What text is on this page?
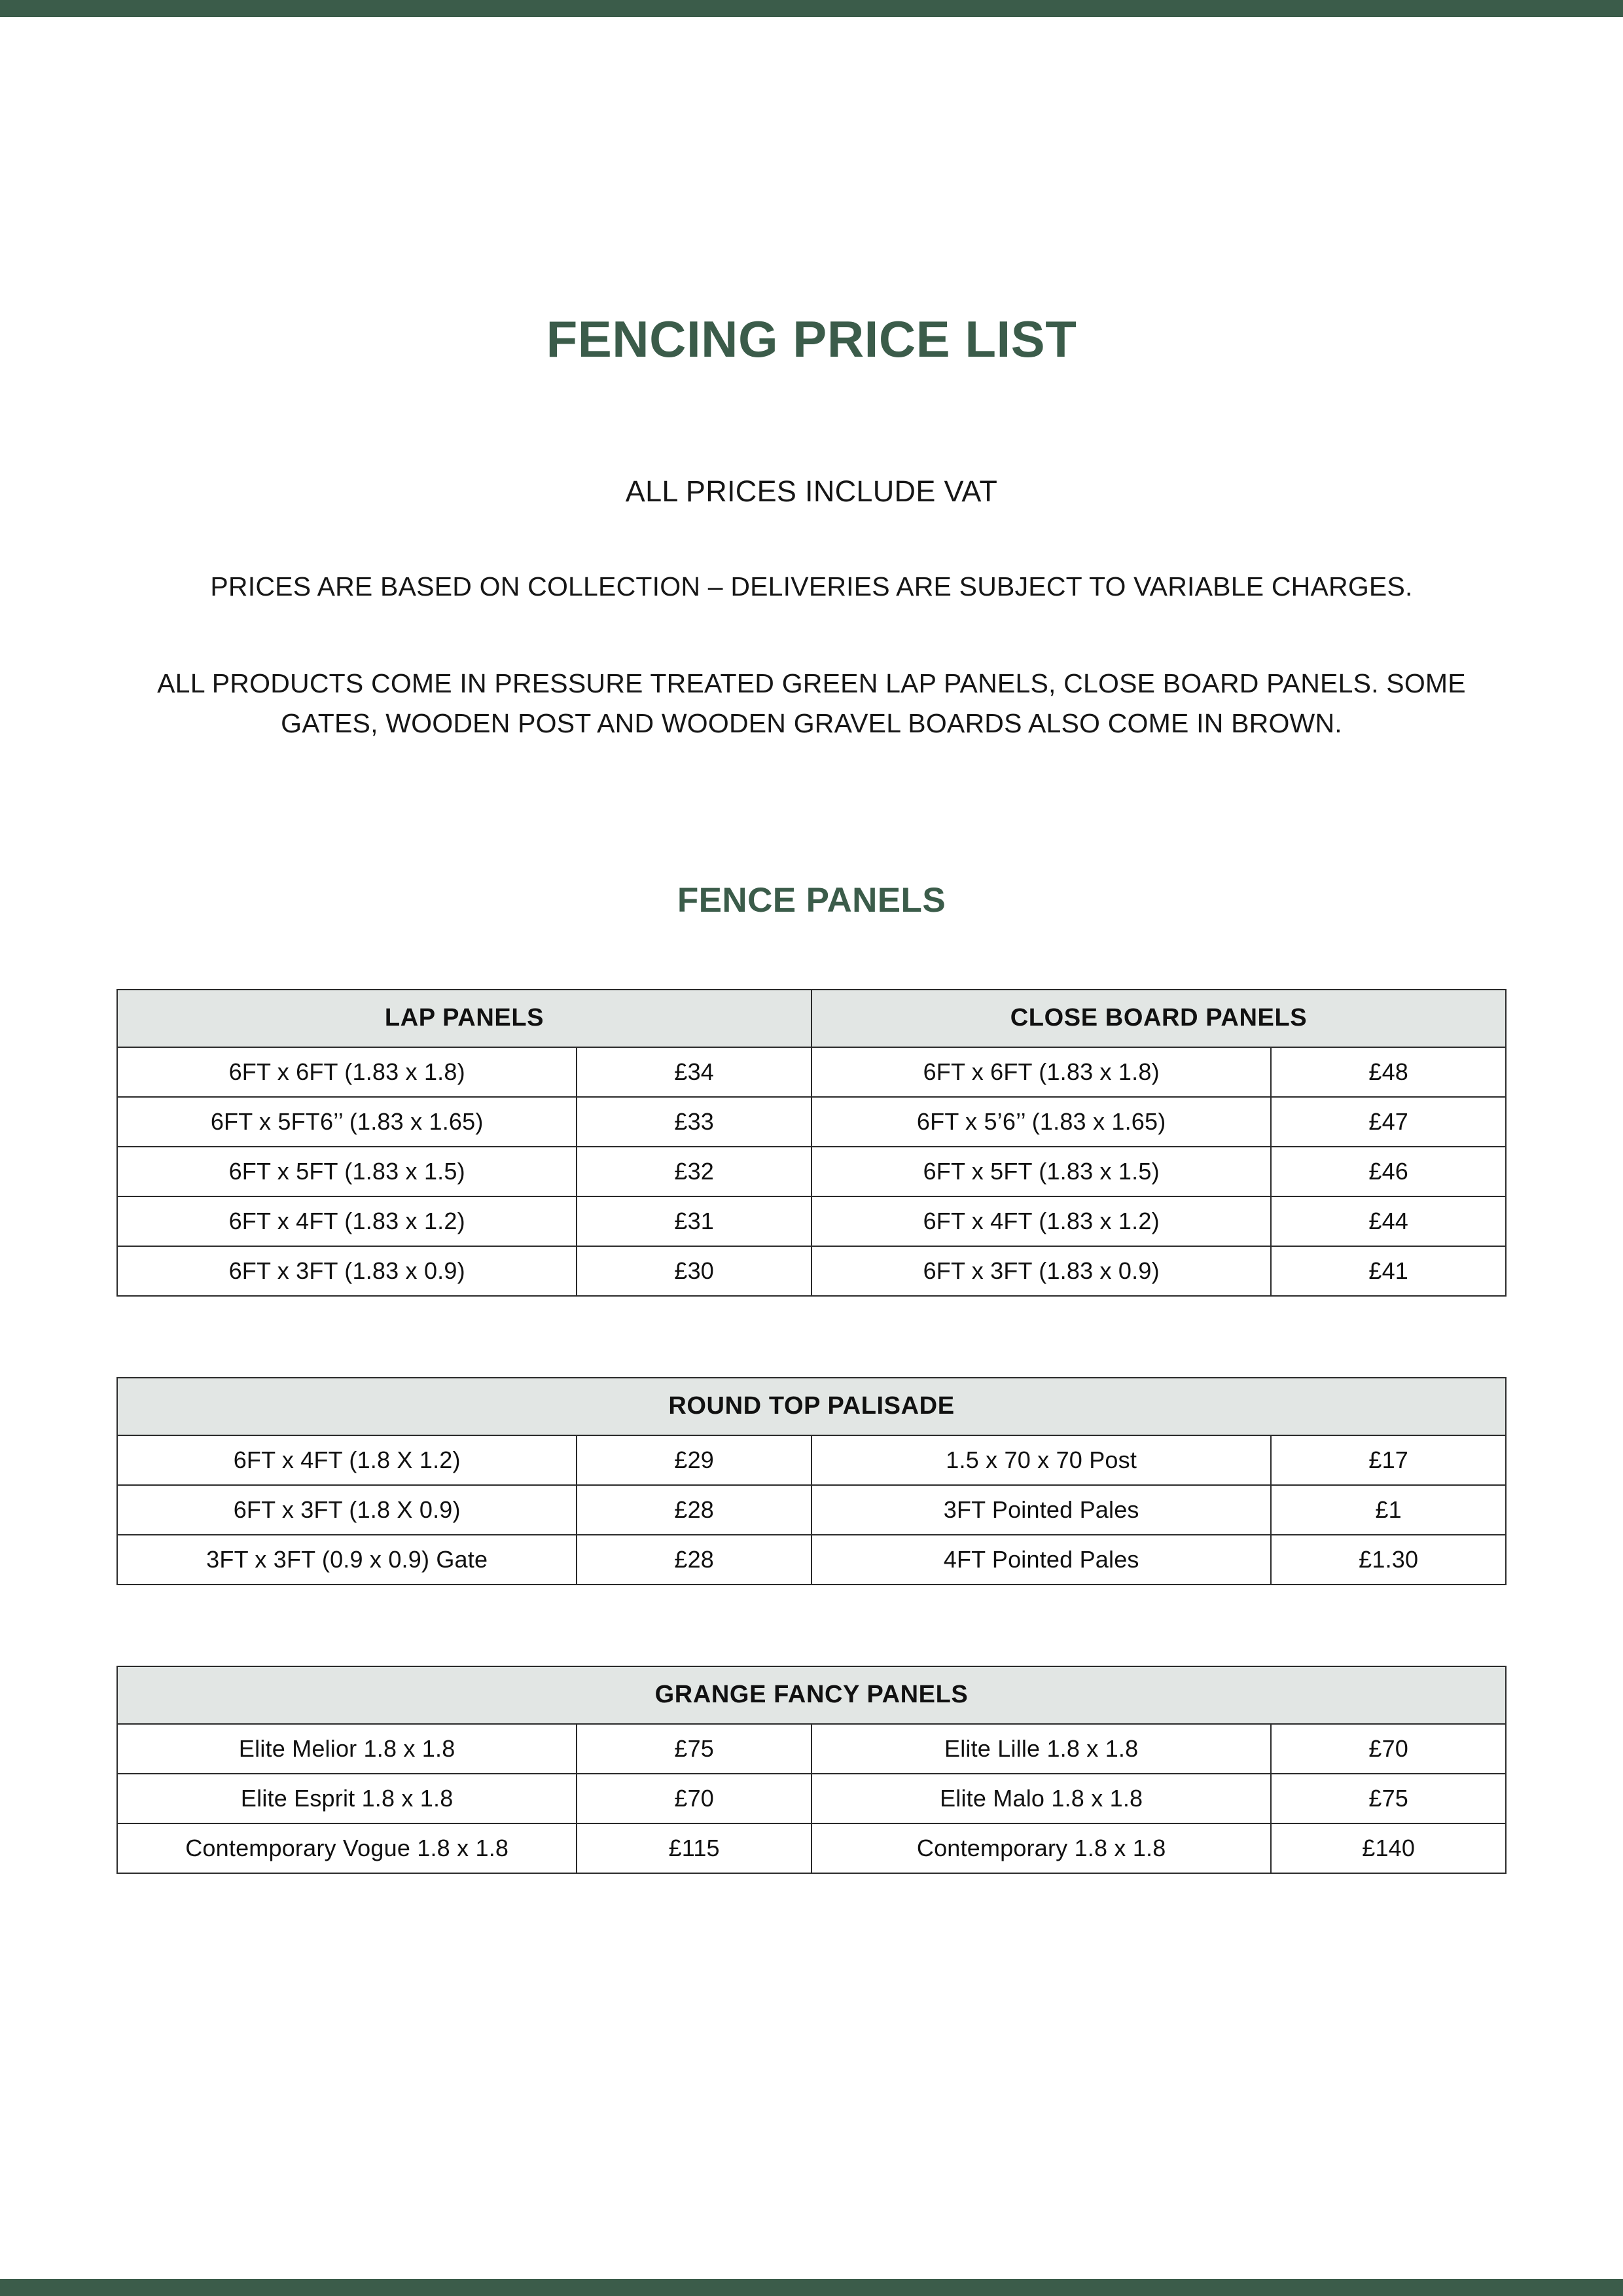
FENCING PRICE LIST
ALL PRICES INCLUDE VAT
PRICES ARE BASED ON COLLECTION – DELIVERIES ARE SUBJECT TO VARIABLE CHARGES.
ALL PRODUCTS COME IN PRESSURE TREATED GREEN LAP PANELS, CLOSE BOARD PANELS. SOME GATES, WOODEN POST AND WOODEN GRAVEL BOARDS ALSO COME IN BROWN.
FENCE PANELS
LAP PANELS		CLOSE BOARD PANELS	
6FT x 6FT (1.83 x 1.8)	£34	6FT x 6FT (1.83 x 1.8)	£48
6FT x 5FT6’’ (1.83 x 1.65)	£33	6FT x 5’6’’ (1.83 x 1.65)	£47
6FT x 5FT (1.83 x 1.5)	£32	6FT x 5FT (1.83 x 1.5)	£46
6FT x 4FT (1.83 x 1.2)	£31	6FT x 4FT (1.83 x 1.2)	£44
6FT x 3FT (1.83 x 0.9)	£30	6FT x 3FT (1.83 x 0.9)	£41
ROUND TOP PALISADE			
6FT x 4FT (1.8 X 1.2)	£29	1.5 x 70 x 70 Post	£17
6FT x 3FT (1.8 X 0.9)	£28	3FT Pointed Pales	£1
3FT x 3FT (0.9 x 0.9) Gate	£28	4FT Pointed Pales	£1.30
GRANGE FANCY PANELS			
Elite Melior 1.8 x 1.8	£75	Elite Lille 1.8 x 1.8	£70
Elite Esprit 1.8 x 1.8	£70	Elite Malo 1.8 x 1.8	£75
Contemporary Vogue 1.8 x 1.8	£115	Contemporary 1.8 x 1.8	£140
